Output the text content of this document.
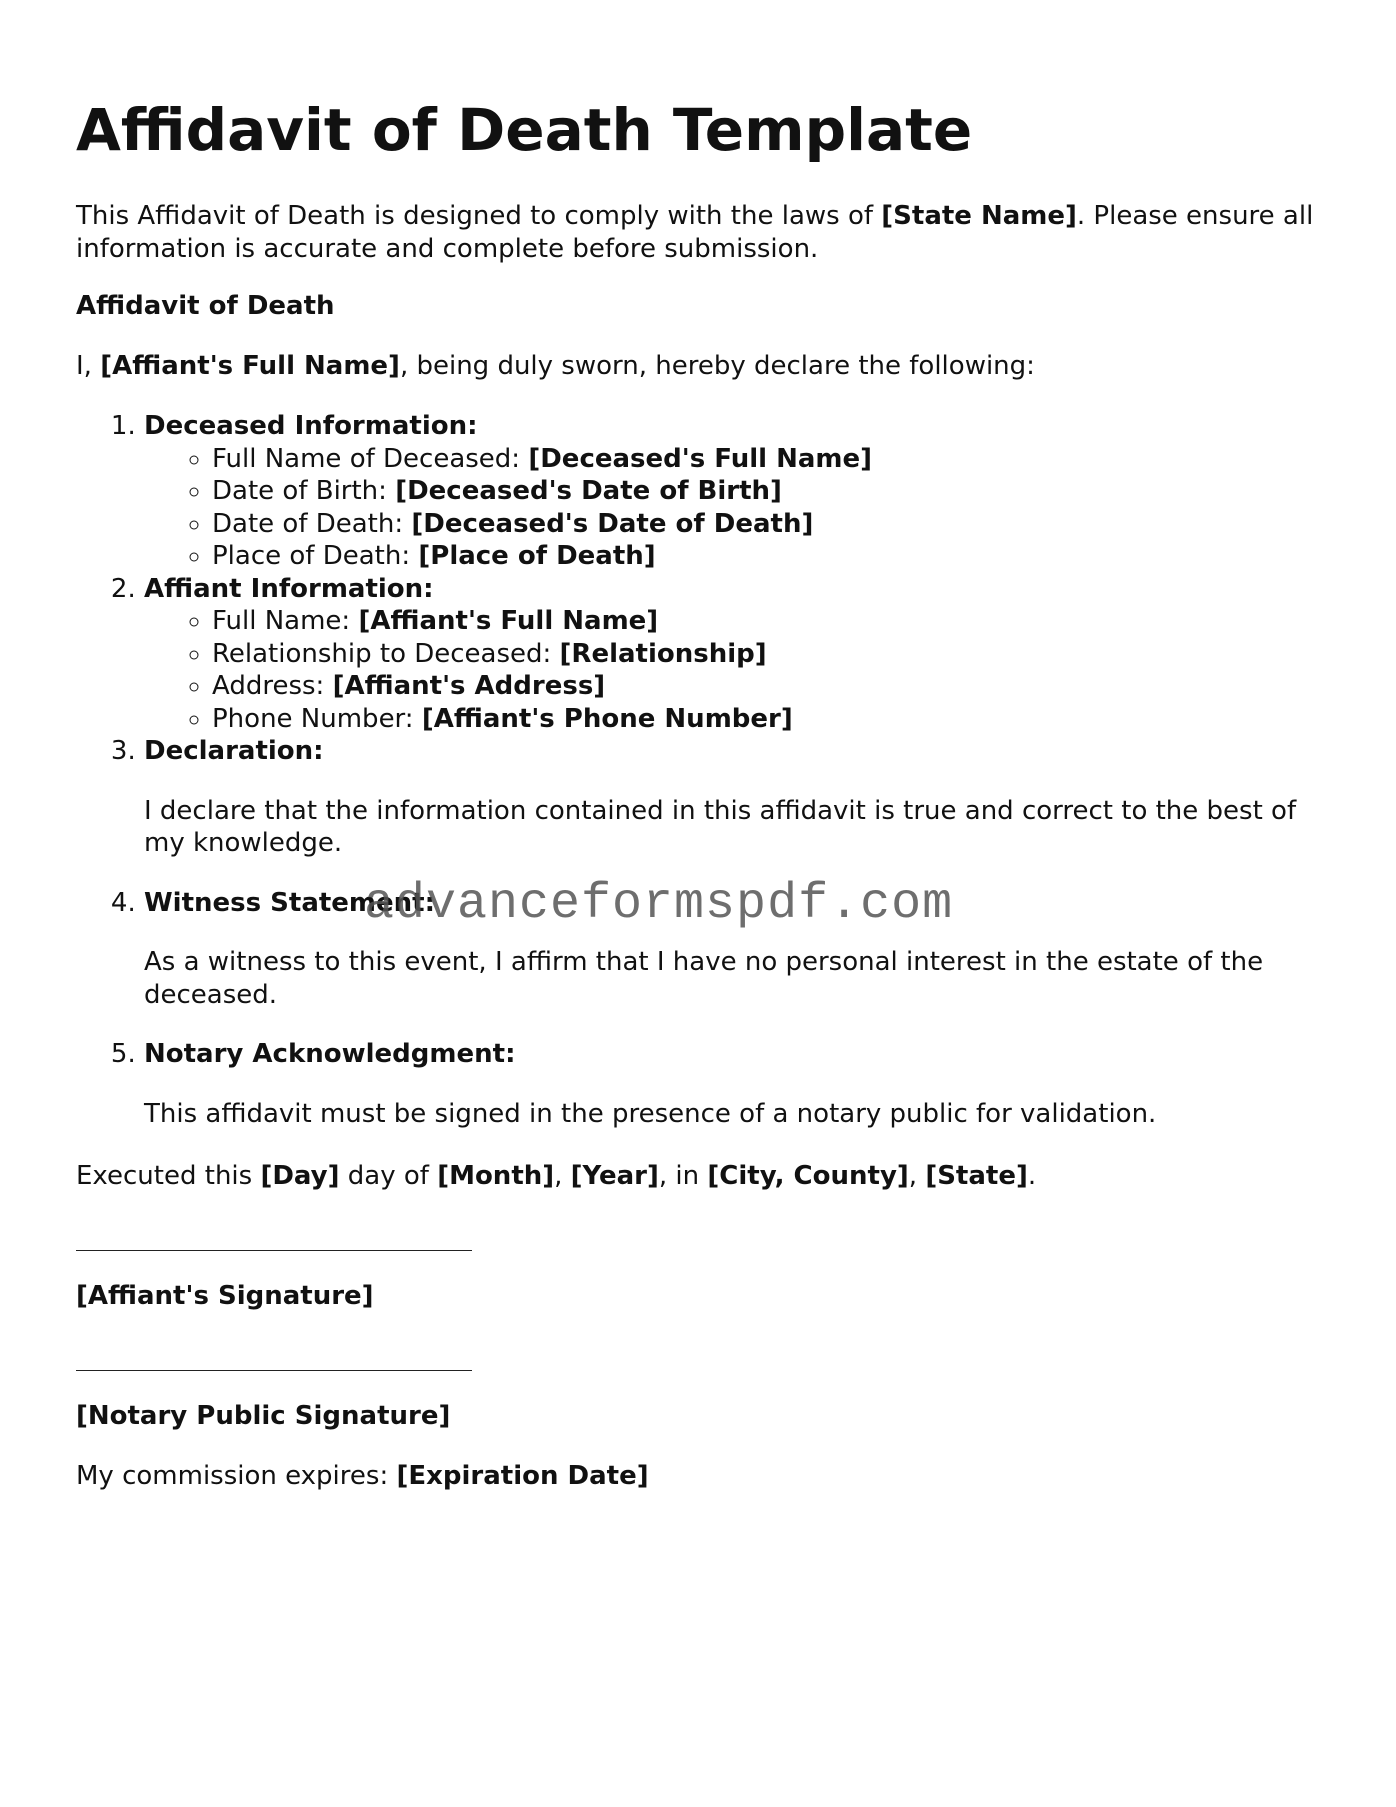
Affidavit of Death Template

This Affidavit of Death is designed to comply with the laws of [State Name]. Please ensure all information is accurate and complete before submission.

Affidavit of Death
I, [Affiant's Full Name], being duly sworn, hereby declare the following:
1. Deceased Information:
◦ Full Name of Deceased: [Deceased's Full Name]
◦ Date of Birth: [Deceased's Date of Birth]
◦ Date of Death: [Deceased's Date of Death]
◦ Place of Death: [Place of Death]
2. Affiant Information:
◦ Full Name: [Affiant's Full Name]
◦ Relationship to Deceased: [Relationship]
◦ Address: [Affiant's Address]
◦ Phone Number: [Affiant's Phone Number]
3. Declaration:

I declare that the information contained in this affidavit is true and correct to the best of my knowledge.

4. Witness Statement:

As a witness to this event, I affirm that I have no personal interest in the estate of the deceased.

5. Notary Acknowledgment:

This affidavit must be signed in the presence of a notary public for validation.

Executed this [Day] day of [Month], [Year], in [City, County], [State].
[Affiant's Signature]
[Notary Public Signature]
My commission expires: [Expiration Date]
advanceformspdf.com
